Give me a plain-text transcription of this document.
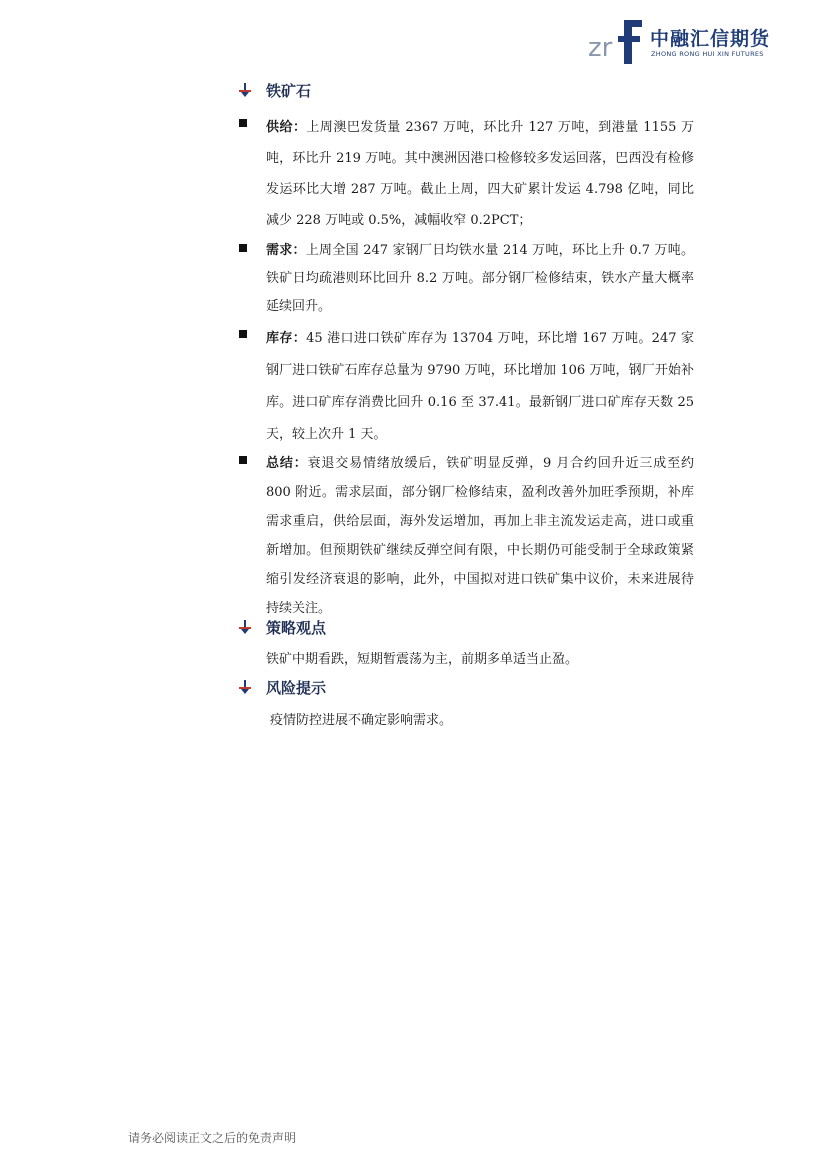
zr 中融汇信期货
ZHONG RONG HUI XIN FUTURES
铁矿石
供给：上周澳巴发货量 2367 万吨，环比升 127 万吨，到港量 1155 万吨，环比升 219 万吨。其中澳洲因港口检修较多发运回落，巴西没有检修发运环比大增 287 万吨。截止上周，四大矿累计发运 4.798 亿吨，同比减少 228 万吨或 0.5%，减幅收窄 0.2PCT；
需求：上周全国 247 家钢厂日均铁水量 214 万吨，环比上升 0.7 万吨。铁矿日均疏港则环比回升 8.2 万吨。部分钢厂检修结束，铁水产量大概率延续回升。
库存：45 港口进口铁矿库存为 13704 万吨，环比增 167 万吨。247 家钢厂进口铁矿石库存总量为 9790 万吨，环比增加 106 万吨，钢厂开始补库。进口矿库存消费比回升 0.16 至 37.41。最新钢厂进口矿库存天数 25 天，较上次升 1 天。
总结：衰退交易情绪放缓后，铁矿明显反弹，9 月合约回升近三成至约 800 附近。需求层面，部分钢厂检修结束，盈利改善外加旺季预期，补库需求重启，供给层面，海外发运增加，再加上非主流发运走高，进口或重新增加。但预期铁矿继续反弹空间有限，中长期仍可能受制于全球政策紧缩引发经济衰退的影响，此外，中国拟对进口铁矿集中议价，未来进展待持续关注。
策略观点
铁矿中期看跌，短期暂震荡为主，前期多单适当止盈。
风险提示
疫情防控进展不确定影响需求。
请务必阅读正文之后的免责声明
